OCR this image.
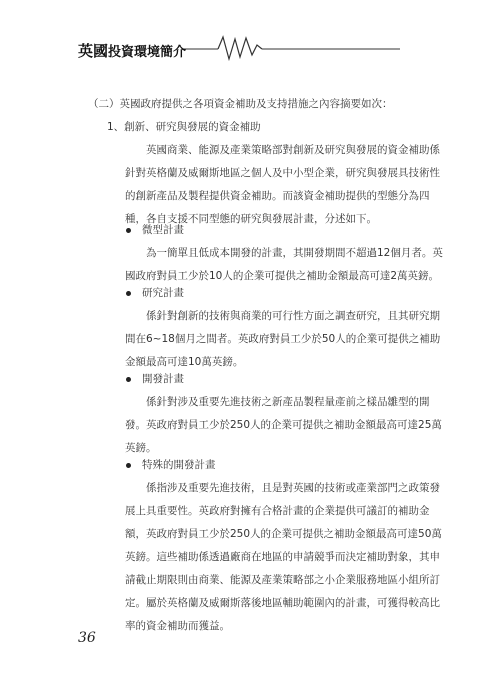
英國投資環境簡介
（二）英國政府提供之各項資金補助及支持措施之內容摘要如次：
1、創新、研究與發展的資金補助
英國商業、能源及產業策略部對創新及研究與發展的資金補助係
針對英格蘭及威爾斯地區之個人及中小型企業，研究與發展具技術性
的創新產品及製程提供資金補助。而該資金補助提供的型態分為四
種，各自支援不同型態的研究與發展計畫，分述如下。
微型計畫
為一簡單且低成本開發的計畫，其開發期間不超過12個月者。英
國政府對員工少於10人的企業可提供之補助金額最高可達2萬英鎊。
研究計畫
係針對創新的技術與商業的可行性方面之調查研究，且其研究期
間在6~18個月之間者。英政府對員工少於50人的企業可提供之補助
金額最高可達10萬英鎊。
開發計畫
係針對涉及重要先進技術之新產品製程量產前之樣品雛型的開
發。英政府對員工少於250人的企業可提供之補助金額最高可達25萬
英鎊。
特殊的開發計畫
係指涉及重要先進技術，且是對英國的技術或產業部門之政策發
展上具重要性。英政府對擁有合格計畫的企業提供可議訂的補助金
額，英政府對員工少於250人的企業可提供之補助金額最高可達50萬
英鎊。這些補助係透過廠商在地區的申請競爭而決定補助對象，其申
請截止期限則由商業、能源及產業策略部之小企業服務地區小組所訂
定。屬於英格蘭及威爾斯落後地區輔助範圍內的計畫，可獲得較高比
率的資金補助而獲益。
36
